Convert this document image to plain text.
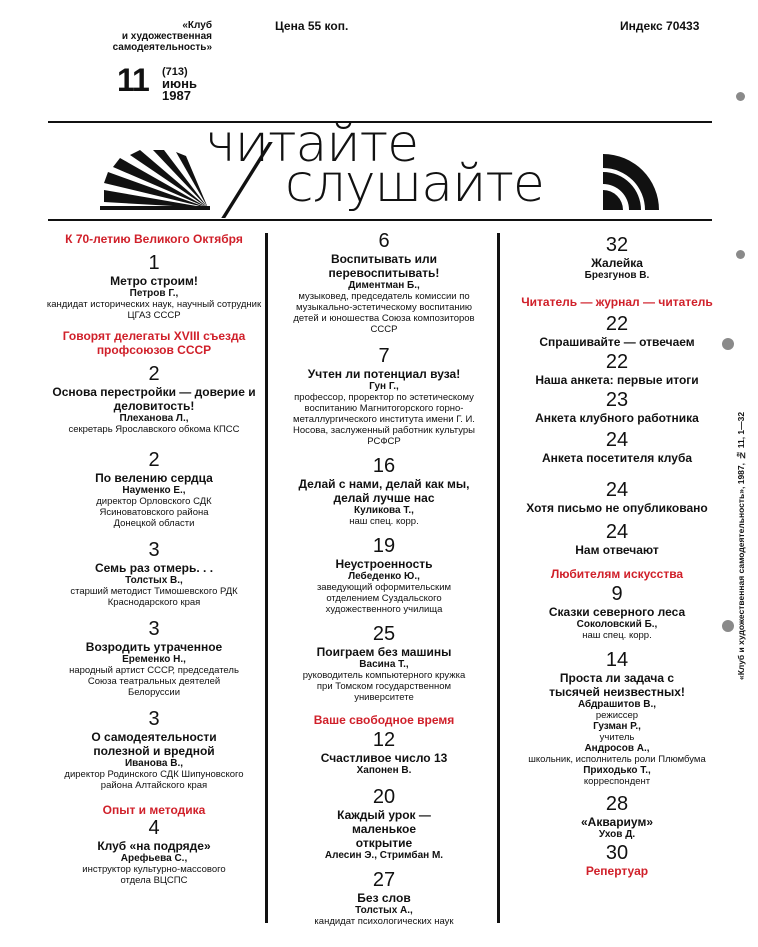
«Клуб
и художественная
самодеятельность»
Цена 55 коп.	Индекс 70433
11 (713)
июнь
1987
читайте
слушайте
К 70-летию Великого Октября
1
Метро строим!
Петров Г.,
кандидат исторических наук, научный сотрудник ЦГАЗ СССР
Говорят делегаты XVIII съезда профсоюзов СССР
2
Основа перестройки — доверие и деловитость!
Плеханова Л.,
секретарь Ярославского обкома КПСС
2
По велению сердца
Науменко Е.,
директор Орловского СДК Ясиноватовского района Донецкой области
3
Семь раз отмерь. . .
Толстых В.,
старший методист Тимошевского РДК Краснодарского края
3
Возродить утраченное
Еременко Н.,
народный артист СССР, председатель Союза театральных деятелей Белоруссии
3
О самодеятельности полезной и вредной
Иванова В.,
директор Родинского СДК Шипуновского района Алтайского края
Опыт и методика
4
Клуб «на подряде»
Арефьева С.,
инструктор культурно-массового отдела ВЦСПС
6
Воспитывать или перевоспитывать!
Диментман Б.,
музыковед, председатель комиссии по музыкально-эстетическому воспитанию детей и юношества Союза композиторов СССР
7
Учтен ли потенциал вуза!
Гун Г.,
профессор, проректор по эстетическому воспитанию Магнитогорского горно-металлургического института имени Г. И. Носова, заслуженный работник культуры РСФСР
16
Делай с нами, делай как мы, делай лучше нас
Куликова Т.,
наш спец. корр.
19
Неустроенность
Лебеденко Ю.,
заведующий оформительским отделением Суздальского художественного училища
25
Поиграем без машины
Васина Т.,
руководитель компьютерного кружка при Томском государственном университете
Ваше свободное время
12
Счастливое число 13
Хапонен В.
20
Каждый урок — маленькое открытие
Алесин Э., Стримбан М.
27
Без слов
Толстых А.,
кандидат психологических наук
32
Жалейка
Брезгунов В.
Читатель — журнал — читатель
22
Спрашивайте — отвечаем
22
Наша анкета: первые итоги
23
Анкета клубного работника
24
Анкета посетителя клуба
24
Хотя письмо не опубликовано
24
Нам отвечают
Любителям искусства
9
Сказки северного леса
Соколовский Б.,
наш спец. корр.
14
Проста ли задача с тысячей неизвестных!
Абдрашитов В.,
режиссер
Гузман Р.,
учитель
Андросов А.,
школьник, исполнитель роли Плюмбума
Приходько Т.,
корреспондент
28
«Аквариум»
Ухов Д.
30
Репертуар
«Клуб и художественная самодеятельность», 1987, № 11, 1—32
